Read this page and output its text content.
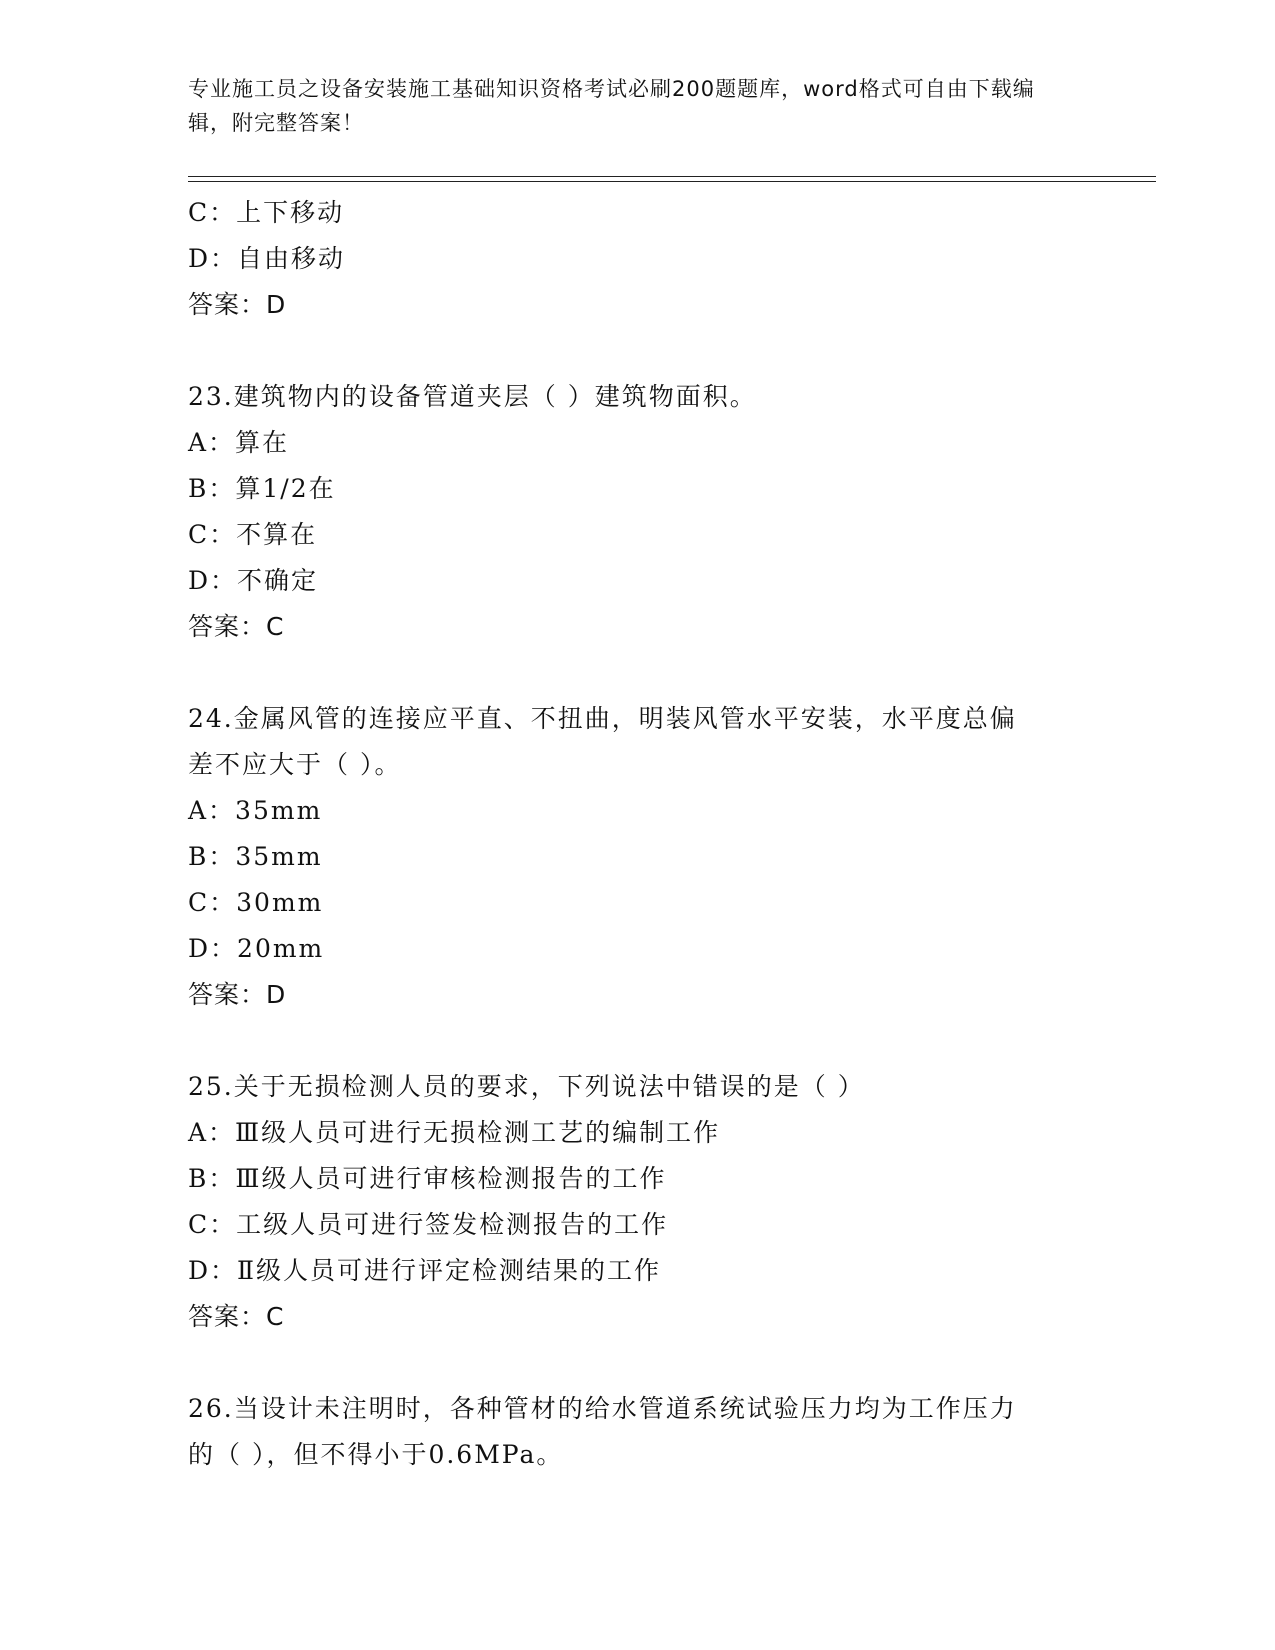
专业施工员之设备安装施工基础知识资格考试必刷200题题库，word格式可自由下载编辑，附完整答案！
C：上下移动
D：自由移动
答案：D
23.建筑物内的设备管道夹层（ ）建筑物面积。
A：算在
B：算1/2在
C：不算在
D：不确定
答案：C
24.金属风管的连接应平直、不扭曲，明装风管水平安装，水平度总偏
差不应大于（ ）。
A：35mm
B：35mm
C：30mm
D：20mm
答案：D
25.关于无损检测人员的要求，下列说法中错误的是（ ）
A：Ⅲ级人员可进行无损检测工艺的编制工作
B：Ⅲ级人员可进行审核检测报告的工作
C：工级人员可进行签发检测报告的工作
D：Ⅱ级人员可进行评定检测结果的工作
答案：C
26.当设计未注明时，各种管材的给水管道系统试验压力均为工作压力
的（ ），但不得小于0.6MPa。
